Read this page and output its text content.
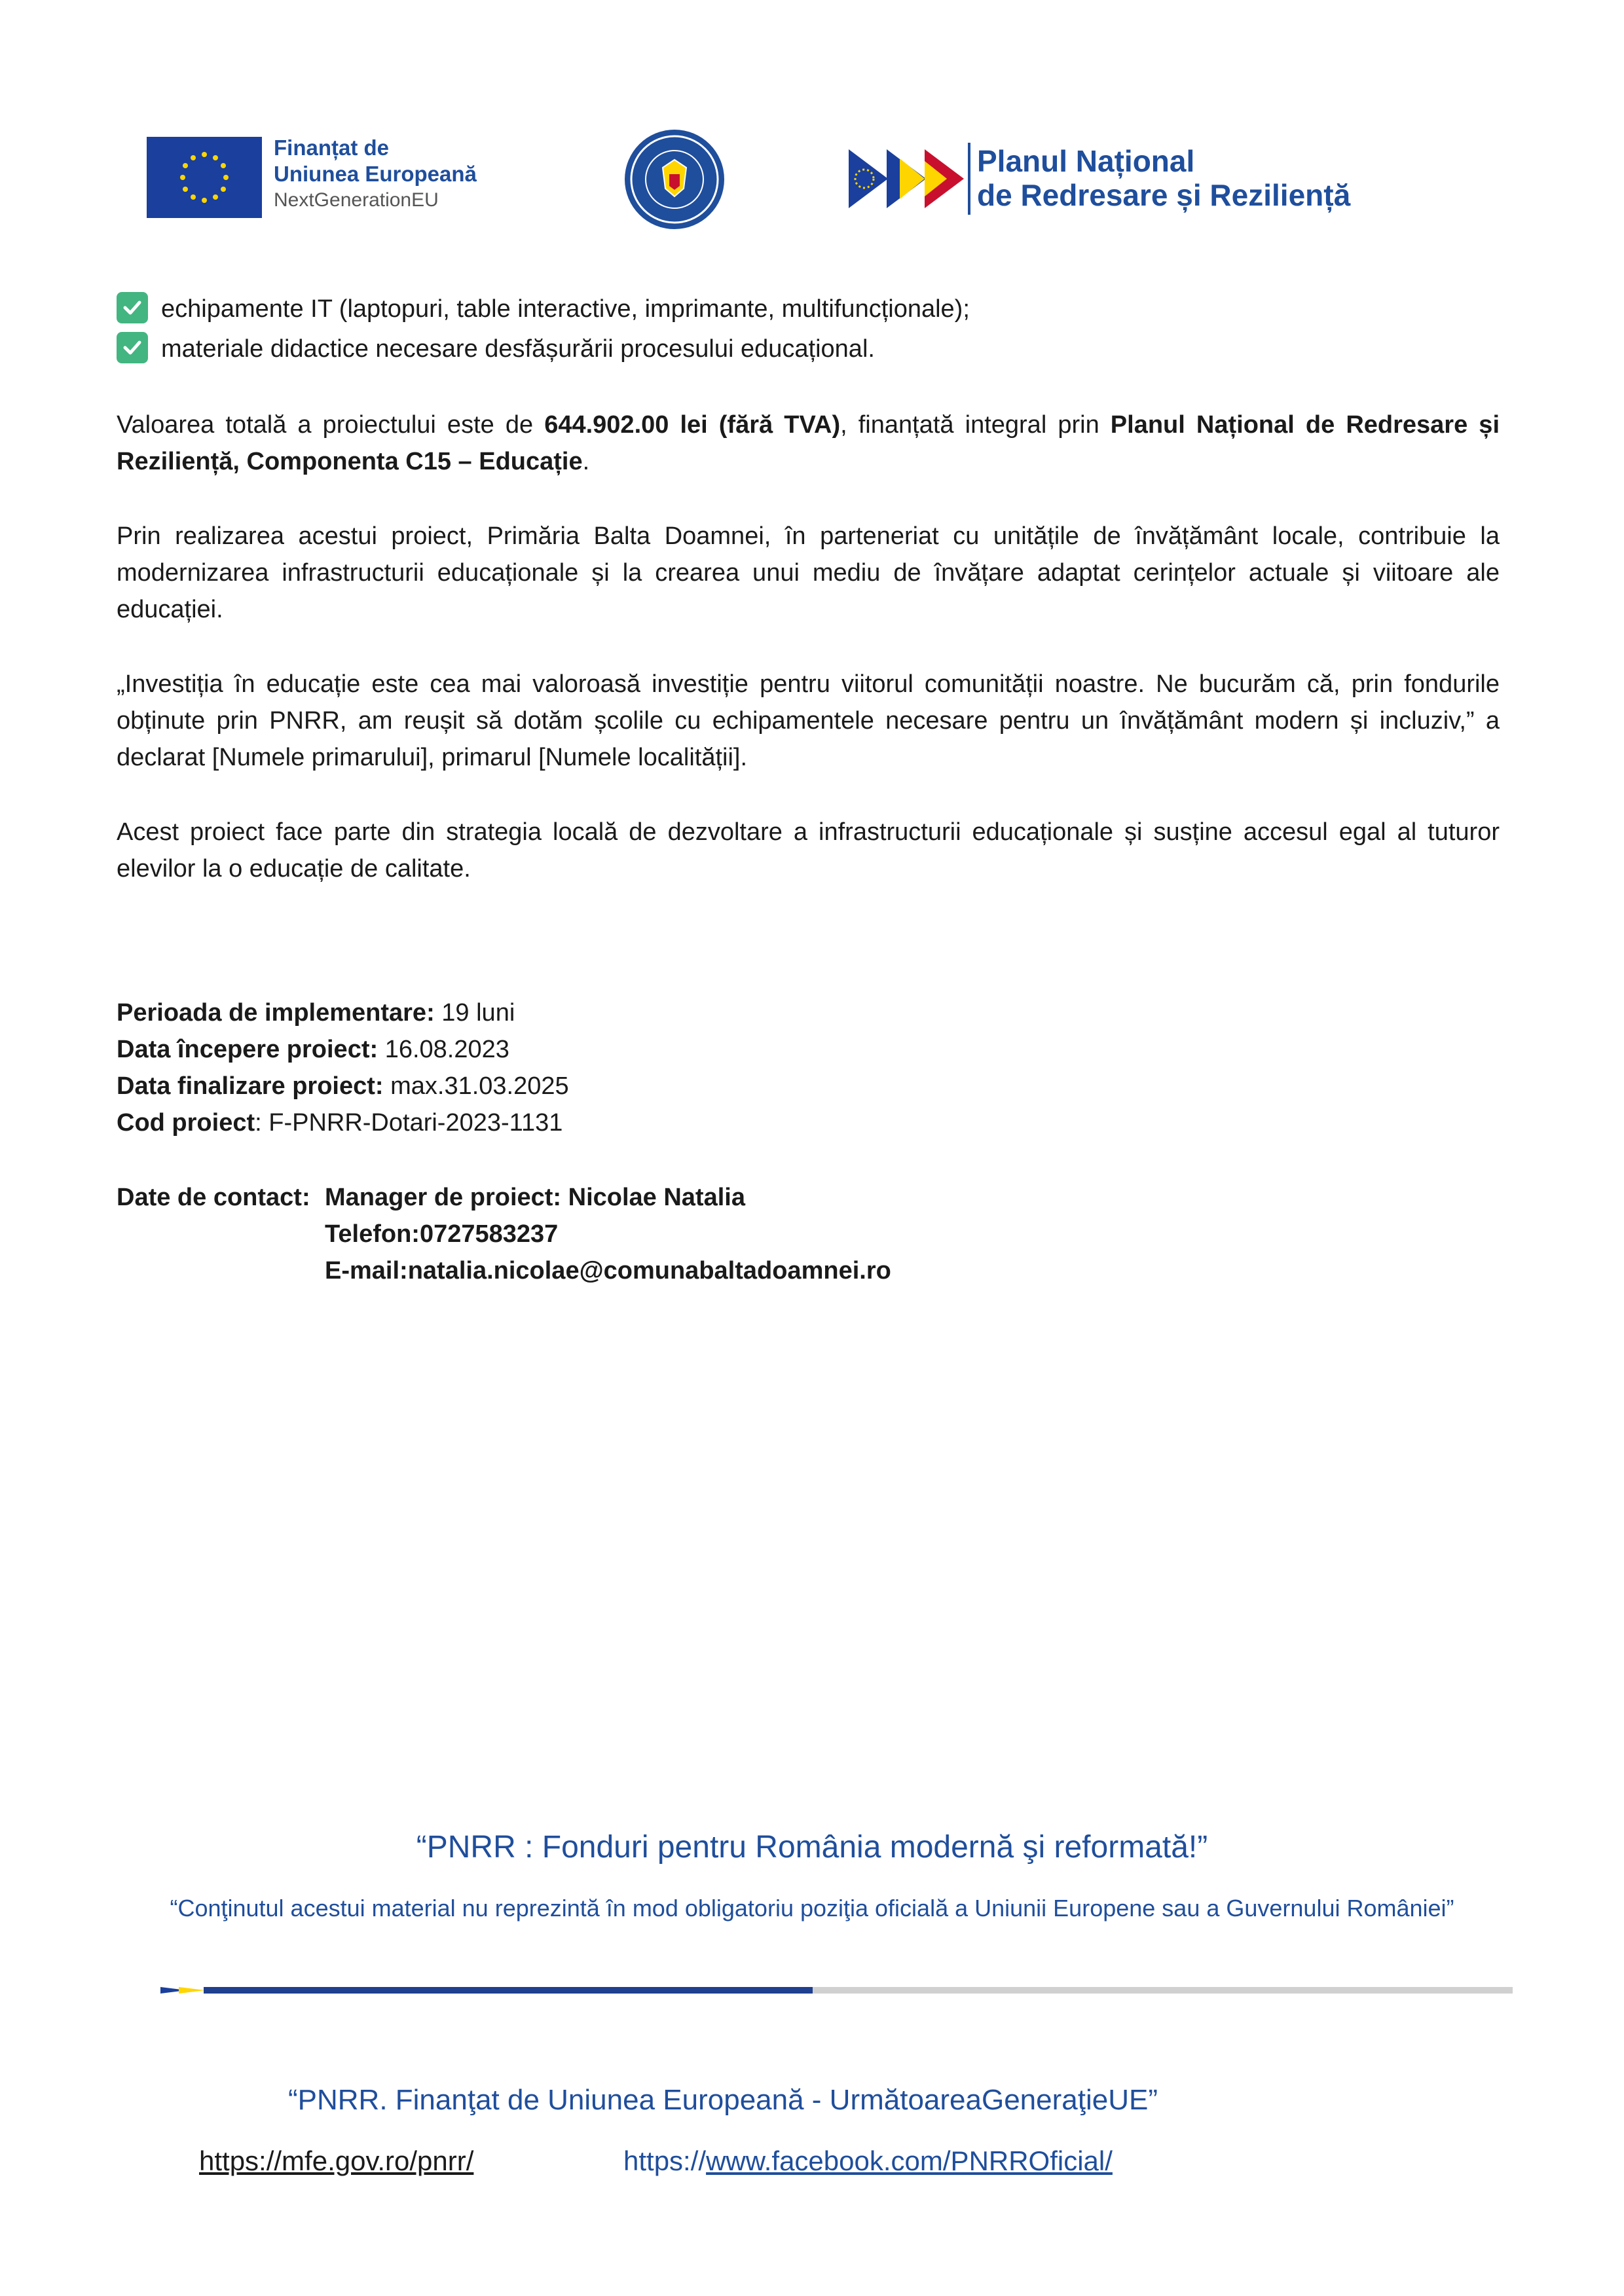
Finanțat de
Uniunea Europeană
NextGenerationEU
Planul Național
de Redresare și Reziliență
echipamente IT (laptopuri, table interactive, imprimante, multifuncționale);
materiale didactice necesare desfășurării procesului educațional.
Valoarea totală a proiectului este de 644.902.00 lei (fără TVA), finanțată integral prin Planul Național de Redresare și Reziliență, Componenta C15 – Educație.
Prin realizarea acestui proiect, Primăria Balta Doamnei, în parteneriat cu unitățile de învățământ locale, contribuie la modernizarea infrastructurii educaționale și la crearea unui mediu de învățare adaptat cerințelor actuale și viitoare ale educației.
„Investiția în educație este cea mai valoroasă investiție pentru viitorul comunității noastre. Ne bucurăm că, prin fondurile obținute prin PNRR, am reușit să dotăm școlile cu echipamentele necesare pentru un învățământ modern și incluziv,” a declarat [Numele primarului], primarul [Numele localității].
Acest proiect face parte din strategia locală de dezvoltare a infrastructurii educaționale și susține accesul egal al tuturor elevilor la o educație de calitate.
Perioada de implementare: 19 luni
Data începere proiect: 16.08.2023
Data finalizare proiect: max.31.03.2025
Cod proiect: F-PNRR-Dotari-2023-1131
Date de contact: Manager de proiect: Nicolae Natalia
Telefon:0727583237
E-mail:natalia.nicolae@comunabaltadoamnei.ro
“PNRR : Fonduri pentru România modernă şi reformată!”
“Conţinutul acestui material nu reprezintă în mod obligatoriu poziţia oficială a Uniunii Europene sau a Guvernului României”
“PNRR. Finanţat de Uniunea Europeană - UrmătoareaGeneraţieUE”
https://mfe.gov.ro/pnrr/	https://www.facebook.com/PNRROficial/
